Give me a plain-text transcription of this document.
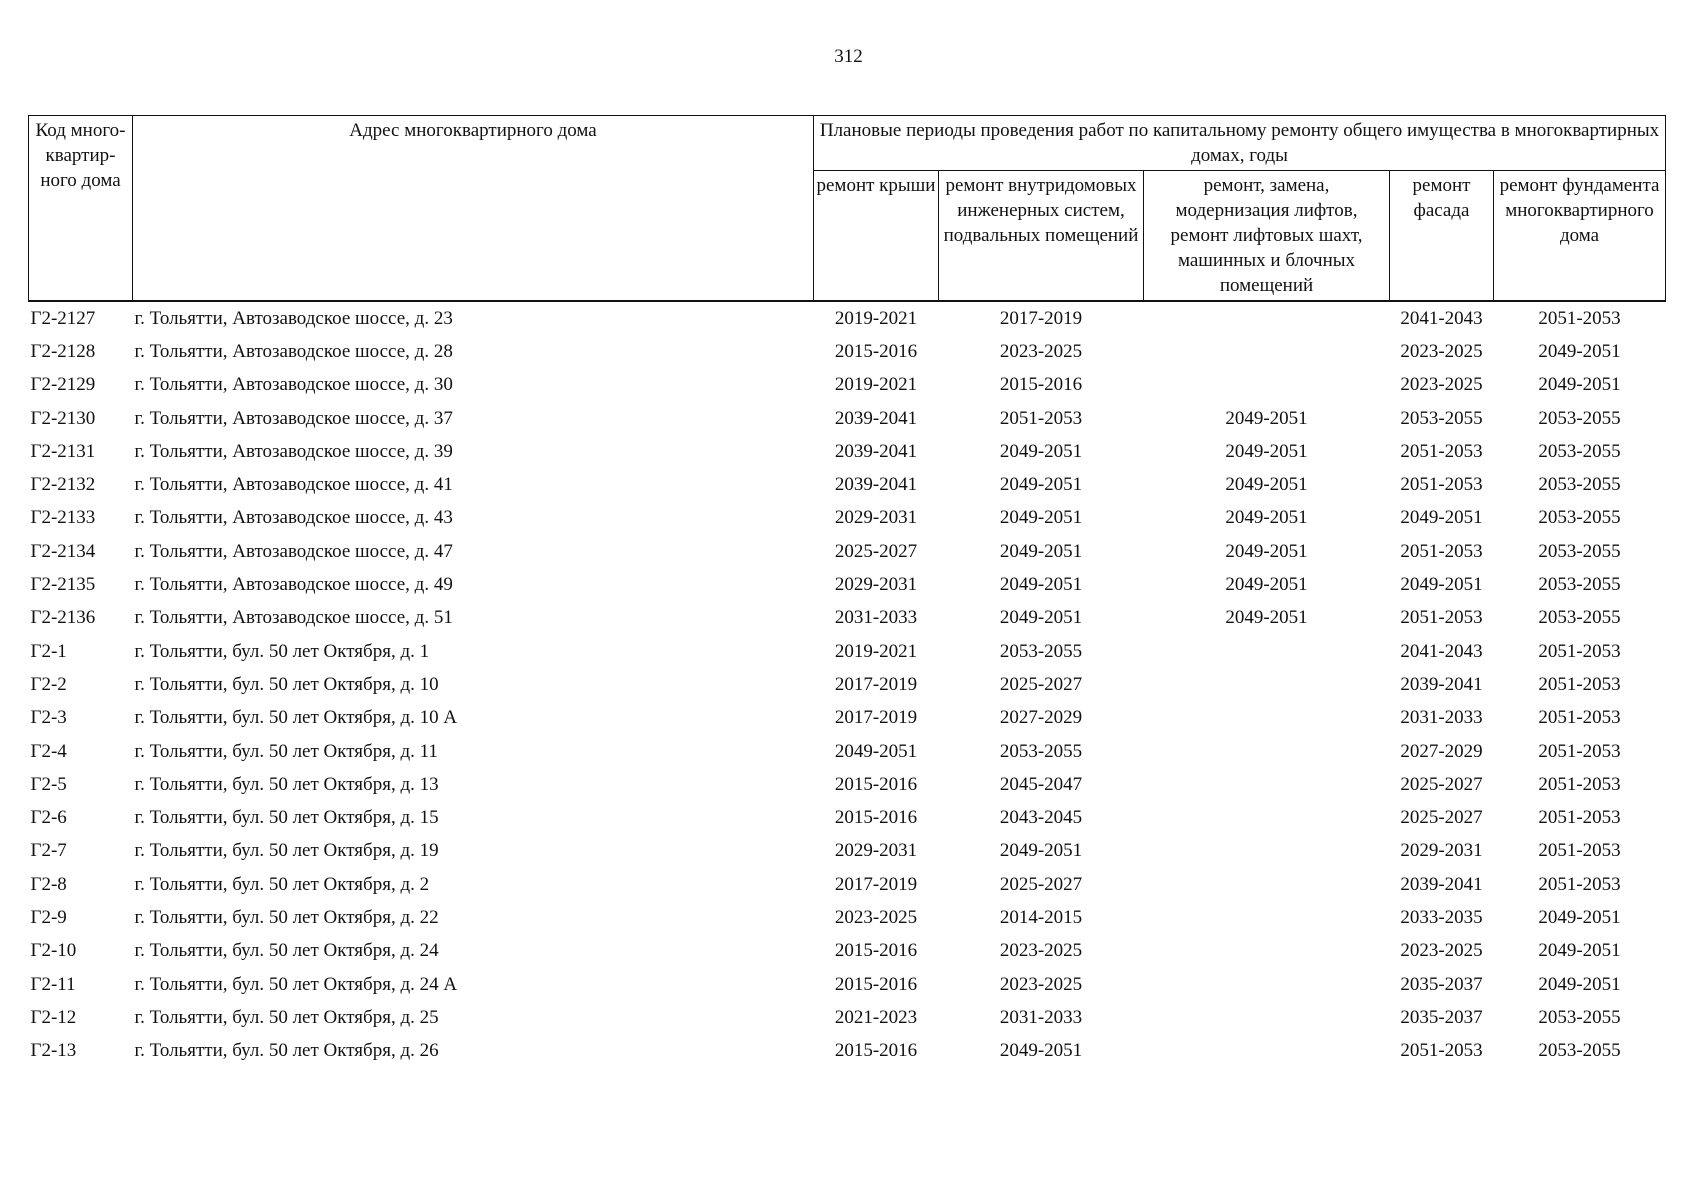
312
Код много-квартир-ного дома	Адрес многоквартирного дома	Плановые периоды проведения работ по капитальному ремонту общего имущества в многоквартирных домах, годы				
		ремонт крыши	ремонт внутридомовых инженерных систем, подвальных помещений	ремонт, замена, модернизация лифтов, ремонт лифтовых шахт, машинных и блочных помещений	ремонт фасада	ремонт фундамента многоквартирного дома
Г2-2127	г. Тольятти, Автозаводское шоссе, д. 23	2019-2021	2017-2019		2041-2043	2051-2053
Г2-2128	г. Тольятти, Автозаводское шоссе, д. 28	2015-2016	2023-2025		2023-2025	2049-2051
Г2-2129	г. Тольятти, Автозаводское шоссе, д. 30	2019-2021	2015-2016		2023-2025	2049-2051
Г2-2130	г. Тольятти, Автозаводское шоссе, д. 37	2039-2041	2051-2053	2049-2051	2053-2055	2053-2055
Г2-2131	г. Тольятти, Автозаводское шоссе, д. 39	2039-2041	2049-2051	2049-2051	2051-2053	2053-2055
Г2-2132	г. Тольятти, Автозаводское шоссе, д. 41	2039-2041	2049-2051	2049-2051	2051-2053	2053-2055
Г2-2133	г. Тольятти, Автозаводское шоссе, д. 43	2029-2031	2049-2051	2049-2051	2049-2051	2053-2055
Г2-2134	г. Тольятти, Автозаводское шоссе, д. 47	2025-2027	2049-2051	2049-2051	2051-2053	2053-2055
Г2-2135	г. Тольятти, Автозаводское шоссе, д. 49	2029-2031	2049-2051	2049-2051	2049-2051	2053-2055
Г2-2136	г. Тольятти, Автозаводское шоссе, д. 51	2031-2033	2049-2051	2049-2051	2051-2053	2053-2055
Г2-1	г. Тольятти, бул. 50 лет Октября, д. 1	2019-2021	2053-2055		2041-2043	2051-2053
Г2-2	г. Тольятти, бул. 50 лет Октября, д. 10	2017-2019	2025-2027		2039-2041	2051-2053
Г2-3	г. Тольятти, бул. 50 лет Октября, д. 10 А	2017-2019	2027-2029		2031-2033	2051-2053
Г2-4	г. Тольятти, бул. 50 лет Октября, д. 11	2049-2051	2053-2055		2027-2029	2051-2053
Г2-5	г. Тольятти, бул. 50 лет Октября, д. 13	2015-2016	2045-2047		2025-2027	2051-2053
Г2-6	г. Тольятти, бул. 50 лет Октября, д. 15	2015-2016	2043-2045		2025-2027	2051-2053
Г2-7	г. Тольятти, бул. 50 лет Октября, д. 19	2029-2031	2049-2051		2029-2031	2051-2053
Г2-8	г. Тольятти, бул. 50 лет Октября, д. 2	2017-2019	2025-2027		2039-2041	2051-2053
Г2-9	г. Тольятти, бул. 50 лет Октября, д. 22	2023-2025	2014-2015		2033-2035	2049-2051
Г2-10	г. Тольятти, бул. 50 лет Октября, д. 24	2015-2016	2023-2025		2023-2025	2049-2051
Г2-11	г. Тольятти, бул. 50 лет Октября, д. 24 А	2015-2016	2023-2025		2035-2037	2049-2051
Г2-12	г. Тольятти, бул. 50 лет Октября, д. 25	2021-2023	2031-2033		2035-2037	2053-2055
Г2-13	г. Тольятти, бул. 50 лет Октября, д. 26	2015-2016	2049-2051		2051-2053	2053-2055
